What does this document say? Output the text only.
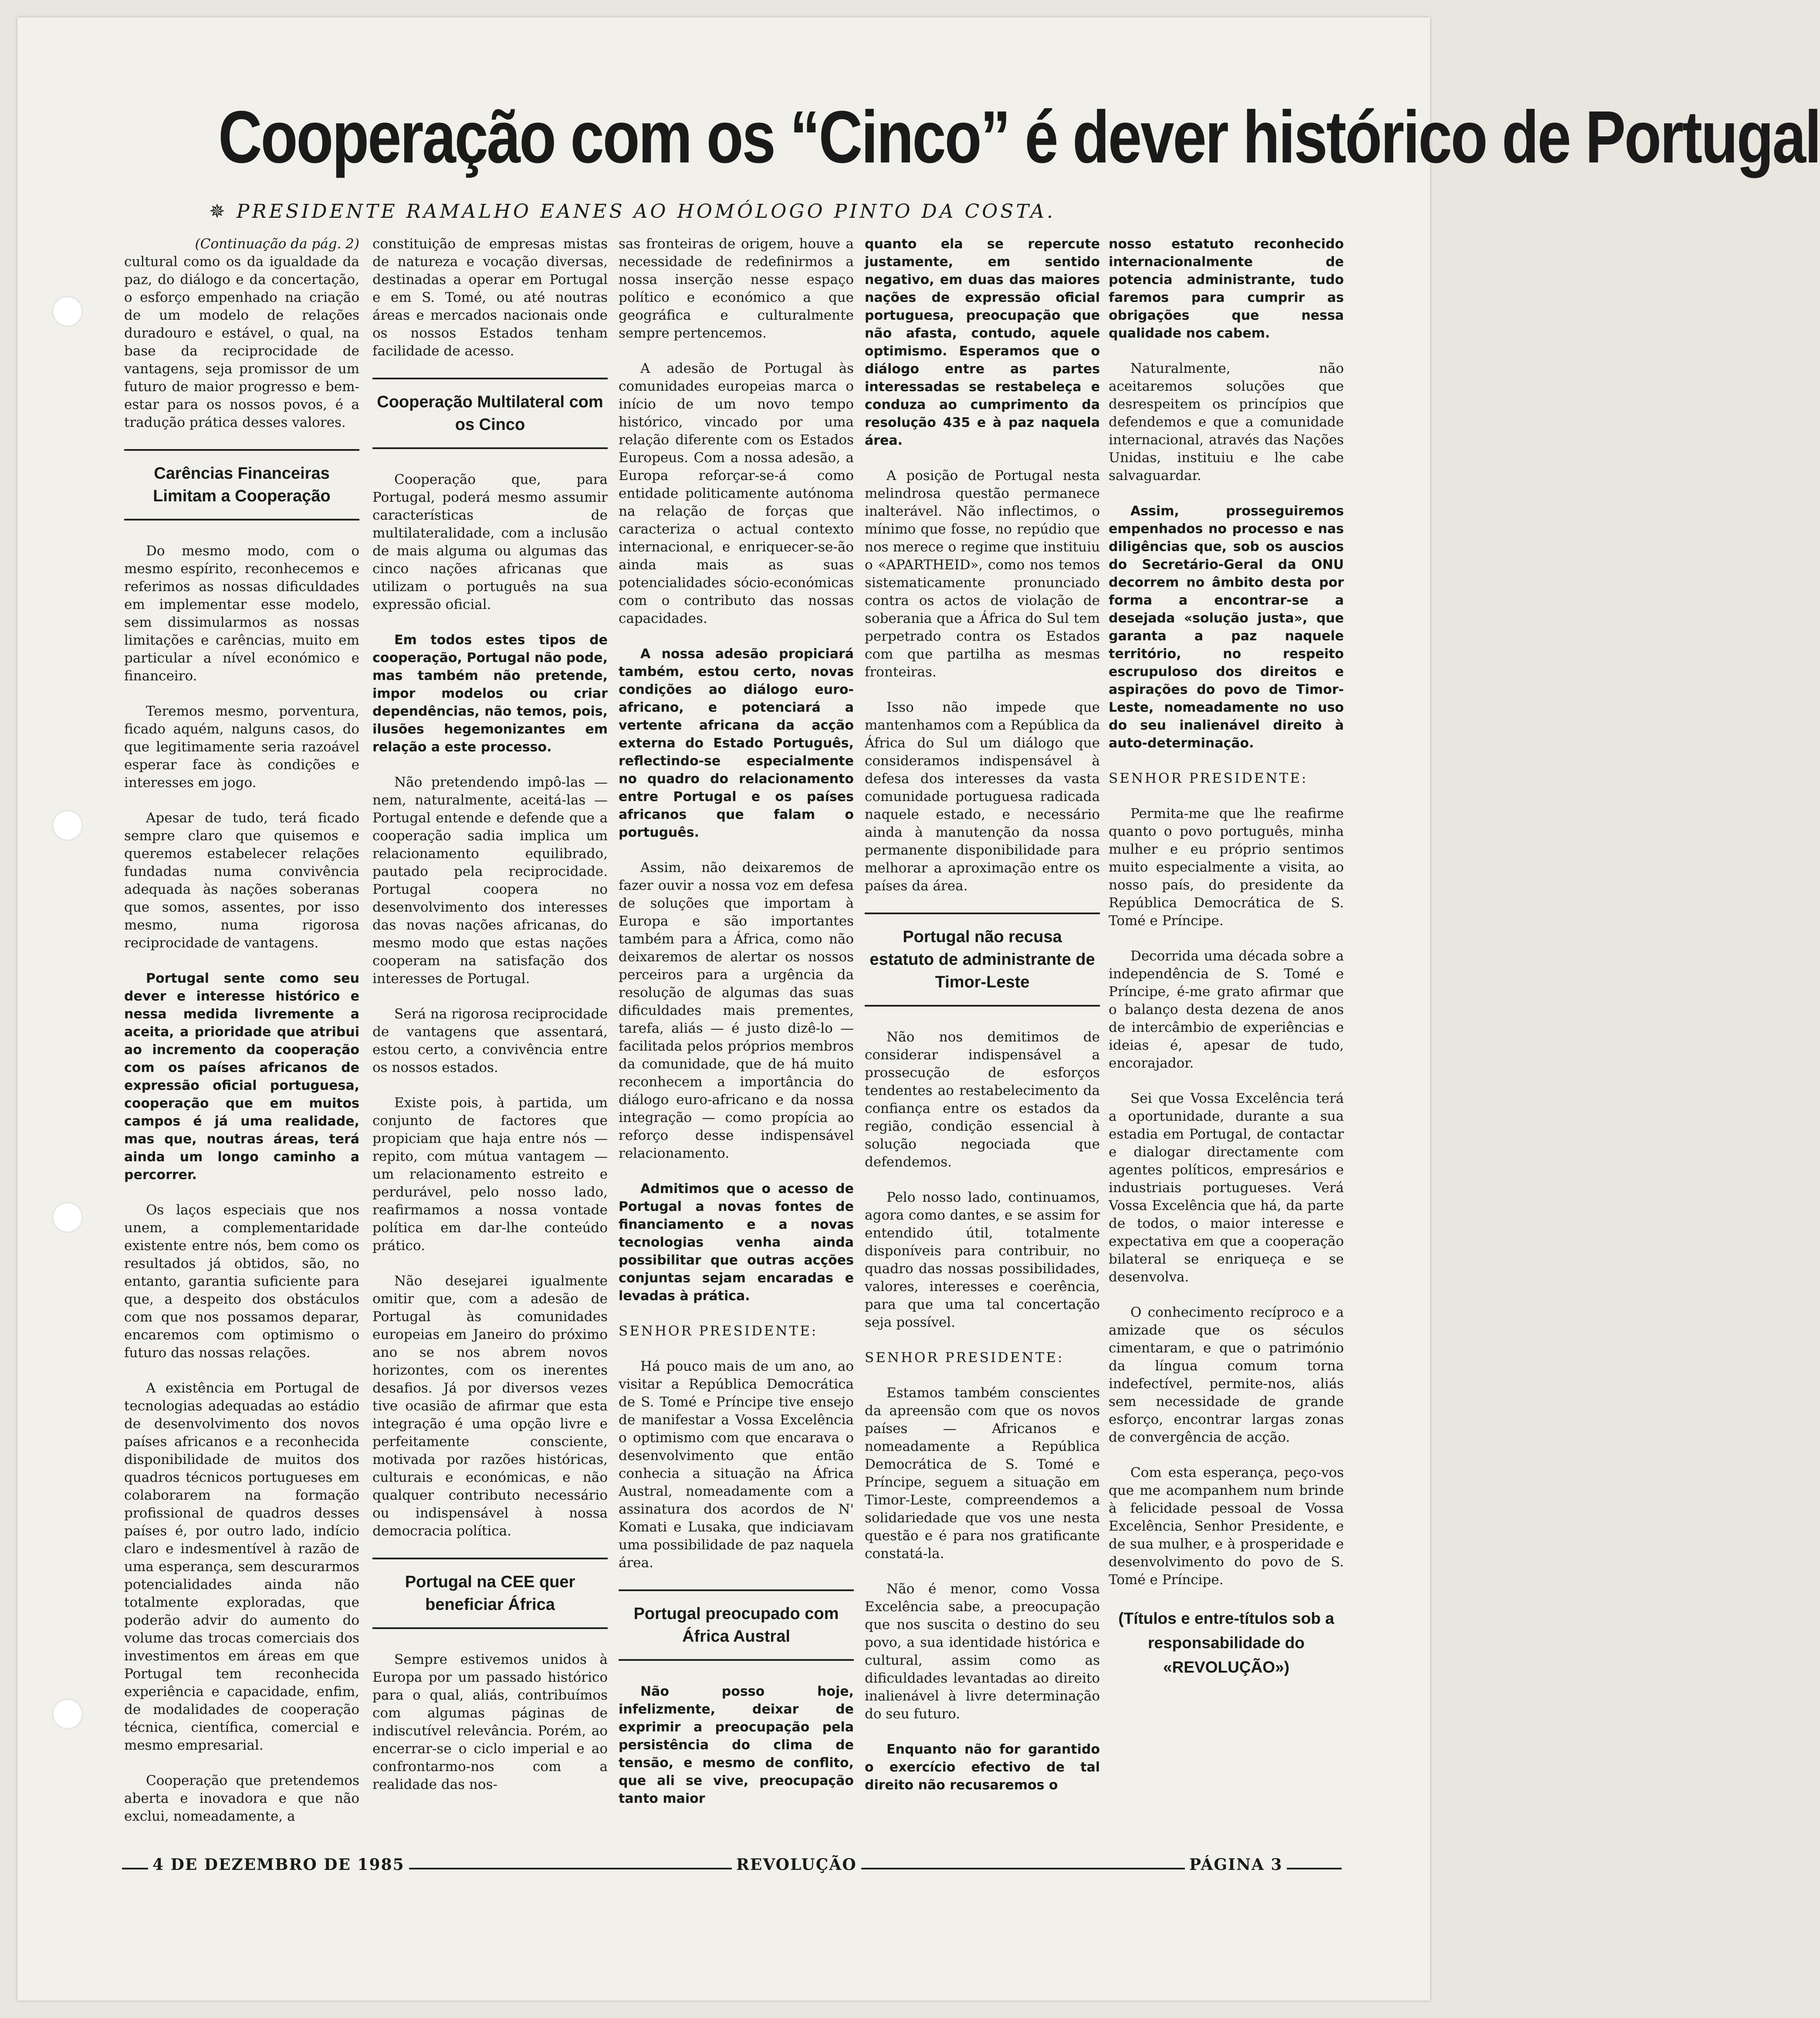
Cooperação com os “Cinco” é dever histórico de Portugal
✵ PRESIDENTE RAMALHO EANES AO HOMÓLOGO PINTO DA COSTA.

(Continuação da pág. 2)

cultural como os da igualdade da paz, do diálogo e da concertação, o esforço empenhado na criação de um modelo de relações duradouro e estável, o qual, na base da reciprocidade de vantagens, seja promissor de um futuro de maior progresso e bem-estar para os nossos povos, é a tradução prática desses valores.

Carências Financeiras Limitam a Cooperação

Do mesmo modo, com o mesmo espírito, reconhecemos e referimos as nossas dificuldades em implementar esse modelo, sem dissimularmos as nossas limitações e carências, muito em particular a nível económico e financeiro.

Teremos mesmo, porventura, ficado aquém, nalguns casos, do que legitimamente seria razoável esperar face às condições e interesses em jogo.

Apesar de tudo, terá ficado sempre claro que quisemos e queremos estabelecer relações fundadas numa convivência adequada às nações soberanas que somos, assentes, por isso mesmo, numa rigorosa reciprocidade de vantagens.

Portugal sente como seu dever e interesse histórico e nessa medida livremente a aceita, a prioridade que atribui ao incremento da cooperação com os países africanos de expressão oficial portuguesa, cooperação que em muitos campos é já uma realidade, mas que, noutras áreas, terá ainda um longo caminho a percorrer.

Os laços especiais que nos unem, a complementaridade existente entre nós, bem como os resultados já obtidos, são, no entanto, garantia suficiente para que, a despeito dos obstáculos com que nos possamos deparar, encaremos com optimismo o futuro das nossas relações.

A existência em Portugal de tecnologias adequadas ao estádio de desenvolvimento dos novos países africanos e a reconhecida disponibilidade de muitos dos quadros técnicos portugueses em colaborarem na formação profissional de quadros desses países é, por outro lado, indício claro e indesmentível à razão de uma esperança, sem descurarmos potencialidades ainda não totalmente exploradas, que poderão advir do aumento do volume das trocas comerciais dos investimentos em áreas em que Portugal tem reconhecida experiência e capacidade, enfim, de modalidades de cooperação técnica, científica, comercial e mesmo empresarial.

Cooperação que pretendemos aberta e inovadora e que não exclui, nomeadamente, a

constituição de empresas mistas de natureza e vocação diversas, destinadas a operar em Portugal e em S. Tomé, ou até noutras áreas e mercados nacionais onde os nossos Estados tenham facilidade de acesso.

Cooperação Multilateral com os Cinco

Cooperação que, para Portugal, poderá mesmo assumir características de multilateralidade, com a inclusão de mais alguma ou algumas das cinco nações africanas que utilizam o português na sua expressão oficial.

Em todos estes tipos de cooperação, Portugal não pode, mas também não pretende, impor modelos ou criar dependências, não temos, pois, ilusões hegemonizantes em relação a este processo.

Não pretendendo impô-las — nem, naturalmente, aceitá-las — Portugal entende e defende que a cooperação sadia implica um relacionamento equilibrado, pautado pela reciprocidade. Portugal coopera no desenvolvimento dos interesses das novas nações africanas, do mesmo modo que estas nações cooperam na satisfação dos interesses de Portugal.

Será na rigorosa reciprocidade de vantagens que assentará, estou certo, a convivência entre os nossos estados.

Existe pois, à partida, um conjunto de factores que propiciam que haja entre nós — repito, com mútua vantagem — um relacionamento estreito e perdurável, pelo nosso lado, reafirmamos a nossa vontade política em dar-lhe conteúdo prático.

Não desejarei igualmente omitir que, com a adesão de Portugal às comunidades europeias em Janeiro do próximo ano se nos abrem novos horizontes, com os inerentes desafios. Já por diversos vezes tive ocasião de afirmar que esta integração é uma opção livre e perfeitamente consciente, motivada por razões históricas, culturais e económicas, e não qualquer contributo necessário ou indispensável à nossa democracia política.

Portugal na CEE quer beneficiar África

Sempre estivemos unidos à Europa por um passado histórico para o qual, aliás, contribuímos com algumas páginas de indiscutível relevância. Porém, ao encerrar-se o ciclo imperial e ao confrontarmo-nos com a realidade das nos-

sas fronteiras de origem, houve a necessidade de redefinirmos a nossa inserção nesse espaço político e económico a que geográfica e culturalmente sempre pertencemos.

A adesão de Portugal às comunidades europeias marca o início de um novo tempo histórico, vincado por uma relação diferente com os Estados Europeus. Com a nossa adesão, a Europa reforçar-se-á como entidade politicamente autónoma na relação de forças que caracteriza o actual contexto internacional, e enriquecer-se-ão ainda mais as suas potencialidades sócio-económicas com o contributo das nossas capacidades.

A nossa adesão propiciará também, estou certo, novas condições ao diálogo euro-africano, e potenciará a vertente africana da acção externa do Estado Português, reflectindo-se especialmente no quadro do relacionamento entre Portugal e os países africanos que falam o português.

Assim, não deixaremos de fazer ouvir a nossa voz em defesa de soluções que importam à Europa e são importantes também para a África, como não deixaremos de alertar os nossos perceiros para a urgência da resolução de algumas das suas dificuldades mais prementes, tarefa, aliás — é justo dizê-lo — facilitada pelos próprios membros da comunidade, que de há muito reconhecem a importância do diálogo euro-africano e da nossa integração — como propícia ao reforço desse indispensável relacionamento.

Admitimos que o acesso de Portugal a novas fontes de financiamento e a novas tecnologias venha ainda possibilitar que outras acções conjuntas sejam encaradas e levadas à prática.

SENHOR PRESIDENTE:

Há pouco mais de um ano, ao visitar a República Democrática de S. Tomé e Príncipe tive ensejo de manifestar a Vossa Excelência o optimismo com que encarava o desenvolvimento que então conhecia a situação na África Austral, nomeadamente com a assinatura dos acordos de N' Komati e Lusaka, que indiciavam uma possibilidade de paz naquela área.

Portugal preocupado com África Austral

Não posso hoje, infelizmente, deixar de exprimir a preocupação pela persistência do clima de tensão, e mesmo de conflito, que ali se vive, preocupação tanto maior

quanto ela se repercute justamente, em sentido negativo, em duas das maiores nações de expressão oficial portuguesa, preocupação que não afasta, contudo, aquele optimismo. Esperamos que o diálogo entre as partes interessadas se restabeleça e conduza ao cumprimento da resolução 435 e à paz naquela área.

A posição de Portugal nesta melindrosa questão permanece inalterável. Não inflectimos, o mínimo que fosse, no repúdio que nos merece o regime que instituiu o «APARTHEID», como nos temos sistematicamente pronunciado contra os actos de violação de soberania que a África do Sul tem perpetrado contra os Estados com que partilha as mesmas fronteiras.

Isso não impede que mantenhamos com a República da África do Sul um diálogo que consideramos indispensável à defesa dos interesses da vasta comunidade portuguesa radicada naquele estado, e necessário ainda à manutenção da nossa permanente disponibilidade para melhorar a aproximação entre os países da área.

Portugal não recusa estatuto de administrante de Timor-Leste

Não nos demitimos de considerar indispensável a prossecução de esforços tendentes ao restabelecimento da confiança entre os estados da região, condição essencial à solução negociada que defendemos.

Pelo nosso lado, continuamos, agora como dantes, e se assim for entendido útil, totalmente disponíveis para contribuir, no quadro das nossas possibilidades, valores, interesses e coerência, para que uma tal concertação seja possível.

SENHOR PRESIDENTE:

Estamos também conscientes da apreensão com que os novos países — Africanos e nomeadamente a República Democrática de S. Tomé e Príncipe, seguem a situação em Timor-Leste, compreendemos a solidariedade que vos une nesta questão e é para nos gratificante constatá-la.

Não é menor, como Vossa Excelência sabe, a preocupação que nos suscita o destino do seu povo, a sua identidade histórica e cultural, assim como as dificuldades levantadas ao direito inalienável à livre determinação do seu futuro.

Enquanto não for garantido o exercício efectivo de tal direito não recusaremos o

nosso estatuto reconhecido internacionalmente de potencia administrante, tudo faremos para cumprir as obrigações que nessa qualidade nos cabem.

Naturalmente, não aceitaremos soluções que desrespeitem os princípios que defendemos e que a comunidade internacional, através das Nações Unidas, instituiu e lhe cabe salvaguardar.

Assim, prosseguiremos empenhados no processo e nas diligências que, sob os auscios do Secretário-Geral da ONU decorrem no âmbito desta por forma a encontrar-se a desejada «solução justa», que garanta a paz naquele território, no respeito escrupuloso dos direitos e aspirações do povo de Timor-Leste, nomeadamente no uso do seu inalienável direito à auto-determinação.

SENHOR PRESIDENTE:

Permita-me que lhe reafirme quanto o povo português, minha mulher e eu próprio sentimos muito especialmente a visita, ao nosso país, do presidente da República Democrática de S. Tomé e Príncipe.

Decorrida uma década sobre a independência de S. Tomé e Príncipe, é-me grato afirmar que o balanço desta dezena de anos de intercâmbio de experiências e ideias é, apesar de tudo, encorajador.

Sei que Vossa Excelência terá a oportunidade, durante a sua estadia em Portugal, de contactar e dialogar directamente com agentes políticos, empresários e industriais portugueses. Verá Vossa Excelência que há, da parte de todos, o maior interesse e expectativa em que a cooperação bilateral se enriqueça e se desenvolva.

O conhecimento recíproco e a amizade que os séculos cimentaram, e que o património da língua comum torna indefectível, permite-nos, aliás sem necessidade de grande esforço, encontrar largas zonas de convergência de acção.

Com esta esperança, peço-vos que me acompanhem num brinde à felicidade pessoal de Vossa Excelência, Senhor Presidente, e de sua mulher, e à prosperidade e desenvolvimento do povo de S. Tomé e Príncipe.

(Títulos e entre-títulos sob a responsabilidade do «REVOLUÇÃO»)

4 DE DEZEMBRO DE 1985	REVOLUÇÃO	PÁGINA 3
